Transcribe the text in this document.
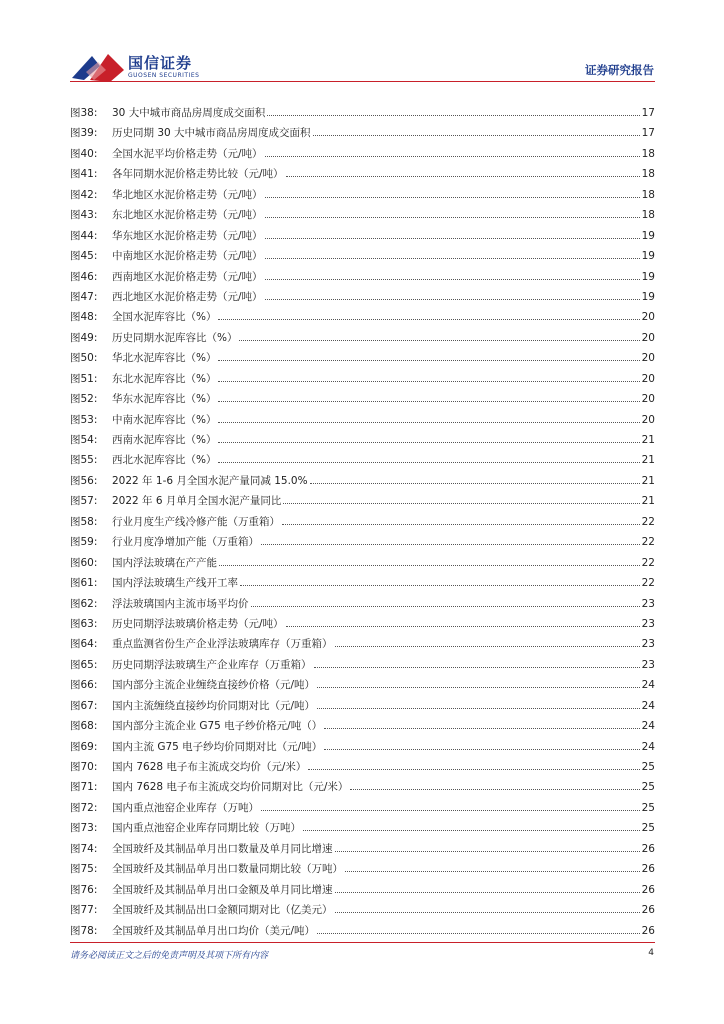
国信证券
GUOSEN SECURITIES	证券研究报告
图38:	30 大中城市商品房周度成交面积	17
图39:	历史同期 30 大中城市商品房周度成交面积	17
图40:	全国水泥平均价格走势（元/吨）	18
图41:	各年同期水泥价格走势比较（元/吨）	18
图42:	华北地区水泥价格走势（元/吨）	18
图43:	东北地区水泥价格走势（元/吨）	18
图44:	华东地区水泥价格走势（元/吨）	19
图45:	中南地区水泥价格走势（元/吨）	19
图46:	西南地区水泥价格走势（元/吨）	19
图47:	西北地区水泥价格走势（元/吨）	19
图48:	全国水泥库容比（%）	20
图49:	历史同期水泥库容比（%）	20
图50:	华北水泥库容比（%）	20
图51:	东北水泥库容比（%）	20
图52:	华东水泥库容比（%）	20
图53:	中南水泥库容比（%）	20
图54:	西南水泥库容比（%）	21
图55:	西北水泥库容比（%）	21
图56:	2022 年 1-6 月全国水泥产量同减 15.0%	21
图57:	2022 年 6 月单月全国水泥产量同比	21
图58:	行业月度生产线冷修产能（万重箱）	22
图59:	行业月度净增加产能（万重箱）	22
图60:	国内浮法玻璃在产产能	22
图61:	国内浮法玻璃生产线开工率	22
图62:	浮法玻璃国内主流市场平均价	23
图63:	历史同期浮法玻璃价格走势（元/吨）	23
图64:	重点监测省份生产企业浮法玻璃库存（万重箱）	23
图65:	历史同期浮法玻璃生产企业库存（万重箱）	23
图66:	国内部分主流企业缠绕直接纱价格（元/吨）	24
图67:	国内主流缠绕直接纱均价同期对比（元/吨）	24
图68:	国内部分主流企业 G75 电子纱价格元/吨（）	24
图69:	国内主流 G75 电子纱均价同期对比（元/吨）	24
图70:	国内 7628 电子布主流成交均价（元/米）	25
图71:	国内 7628 电子布主流成交均价同期对比（元/米）	25
图72:	国内重点池窑企业库存（万吨）	25
图73:	国内重点池窑企业库存同期比较（万吨）	25
图74:	全国玻纤及其制品单月出口数量及单月同比增速	26
图75:	全国玻纤及其制品单月出口数量同期比较（万吨）	26
图76:	全国玻纤及其制品单月出口金额及单月同比增速	26
图77:	全国玻纤及其制品出口金额同期对比（亿美元）	26
图78:	全国玻纤及其制品单月出口均价（美元/吨）	26
请务必阅读正文之后的免责声明及其项下所有内容	4
